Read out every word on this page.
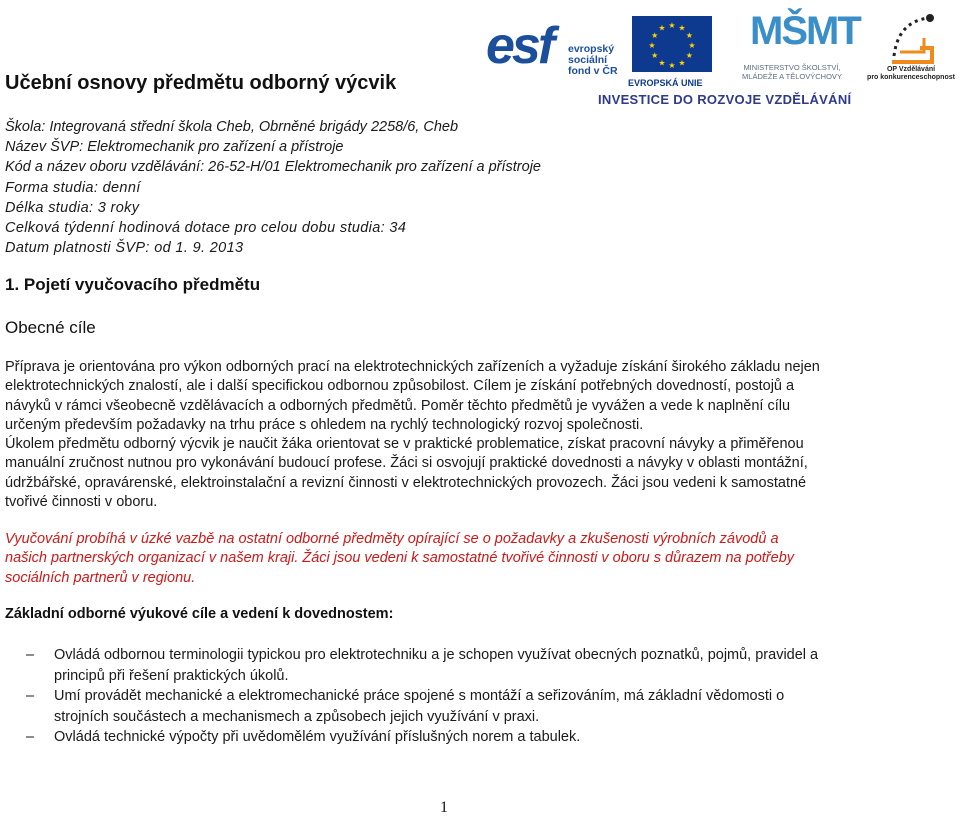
esf evropský
sociální
fond v ČR
★ ★
★
★
★
★
★
★
★
★
★
★
EVROPSKÁ UNIE
MŠMT
MINISTERSTVO ŠKOLSTVÍ,
MLÁDEŽE A TĚLOVÝCHOVY
OP Vzdělávání
pro konkurenceschopnost
INVESTICE DO ROZVOJE VZDĚLÁVÁNÍ
Učební osnovy předmětu odborný výcvik
Škola: Integrovaná střední škola Cheb, Obrněné brigády 2258/6, Cheb
Název ŠVP: Elektromechanik pro zařízení a přístroje
Kód a název oboru vzdělávání: 26-52-H/01 Elektromechanik pro zařízení a přístroje
Forma studia: denní
Délka studia: 3 roky
Celková týdenní hodinová dotace pro celou dobu studia: 34
Datum platnosti ŠVP: od 1. 9. 2013
1. Pojetí vyučovacího předmětu
Obecné cíle
Příprava je orientována pro výkon odborných prací na elektrotechnických zařízeních a vyžaduje získání širokého základu nejen
elektrotechnických znalostí, ale i další specifickou odbornou způsobilost. Cílem je získání potřebných dovedností, postojů a
návyků v rámci všeobecně vzdělávacích a odborných předmětů. Poměr těchto předmětů je vyvážen a vede k naplnění cílu
určeným především požadavky na trhu práce s ohledem na rychlý technologický rozvoj společnosti.
Úkolem předmětu odborný výcvik je naučit žáka orientovat se v praktické problematice, získat pracovní návyky a přiměřenou
manuální zručnost nutnou pro vykonávání budoucí profese. Žáci si osvojují praktické dovednosti a návyky v oblasti montážní,
údržbářské, opravárenské, elektroinstalační a revizní činnosti v elektrotechnických provozech. Žáci jsou vedeni k samostatné
tvořivé činnosti v oboru.
Vyučování probíhá v úzké vazbě na ostatní odborné předměty opírající se o požadavky a zkušenosti výrobních závodů a
našich partnerských organizací v našem kraji. Žáci jsou vedeni k samostatné tvořivé činnosti v oboru s důrazem na potřeby
sociálních partnerů v regionu.
Základní odborné výukové cíle a vedení k dovednostem:
– Ovládá odbornou terminologii typickou pro elektrotechniku a je schopen využívat obecných poznatků, pojmů, pravidel a
principů při řešení praktických úkolů.
– Umí provádět mechanické a elektromechanické práce spojené s montáží a seřizováním, má základní vědomosti o
strojních součástech a mechanismech a způsobech jejich využívání v praxi.
– Ovládá technické výpočty při uvědomělém využívání příslušných norem a tabulek.
1
